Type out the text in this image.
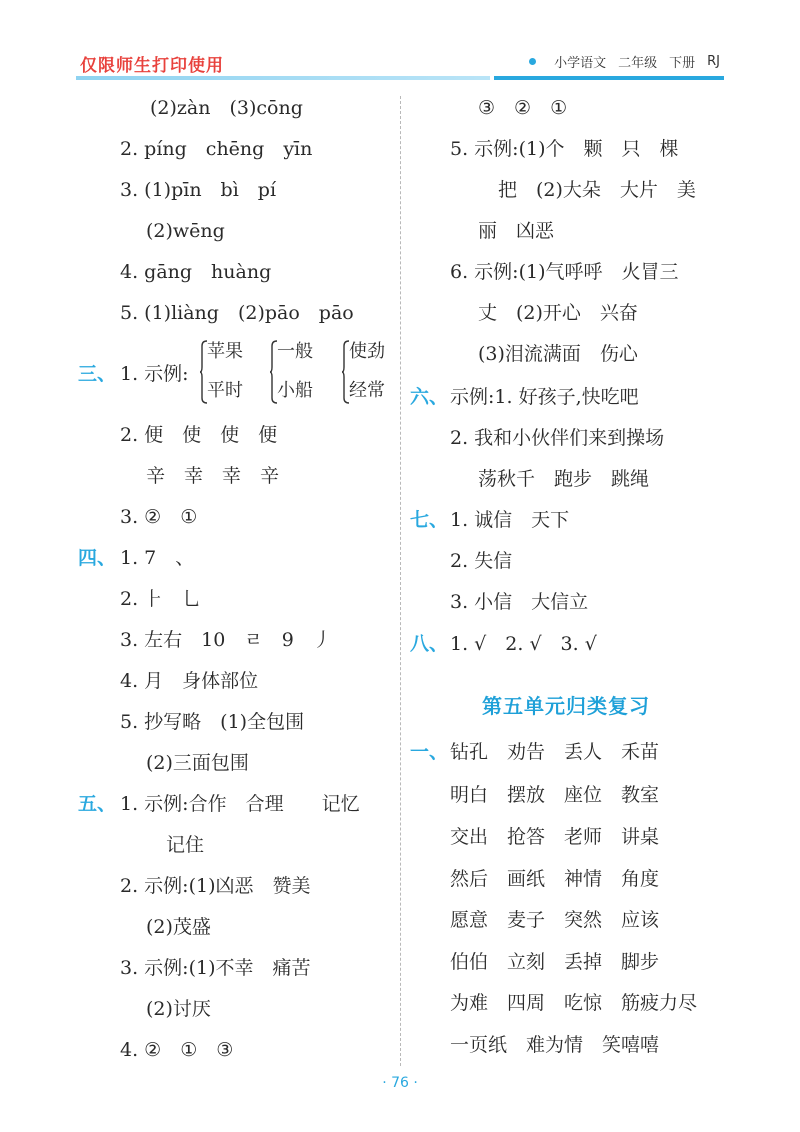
仅限师生打印使用	小学语文 二年级 下册 RJ
(2)zàn　(3)cōng
2. píng　chēng　yīn
3. (1)pīn　bì　pí
(2)wēng
4. gāng　huàng
5. (1)liàng　(2)pāo　pāo
三、 1. 示例:
2. 便　使　使　便
辛　幸　幸　辛
3. ②　①
四、 1. 7　、
2. ⺊　乚
3. 左右　10　ㄹ　9　丿
4. 月　身体部位
5. 抄写略　(1)全包围
(2)三面包围
五、 1. 示例:合作　合理　　记忆
记住
2. 示例:(1)凶恶　赞美
(2)茂盛
3. 示例:(1)不幸　痛苦
(2)讨厌
4. ②　①　③
苹果
平时
一般
小船
使劲
经常
③　②　①
5. 示例:(1)个　颗　只　棵
把　(2)大朵　大片　美
丽　凶恶
6. 示例:(1)气呼呼　火冒三
丈　(2)开心　兴奋
(3)泪流满面　伤心
六、 示例:1. 好孩子,快吃吧
2. 我和小伙伴们来到操场
荡秋千　跑步　跳绳
七、 1. 诚信　天下
2. 失信
3. 小信　大信立
八、 1. √　2. √　3. √
一、 钻孔　劝告　丢人　禾苗
明白　摆放　座位　教室
交出　抢答　老师　讲桌
然后　画纸　神情　角度
愿意　麦子　突然　应该
伯伯　立刻　丢掉　脚步
为难　四周　吃惊　筋疲力尽
一页纸　难为情　笑嘻嘻
第五单元归类复习
· 76 ·
